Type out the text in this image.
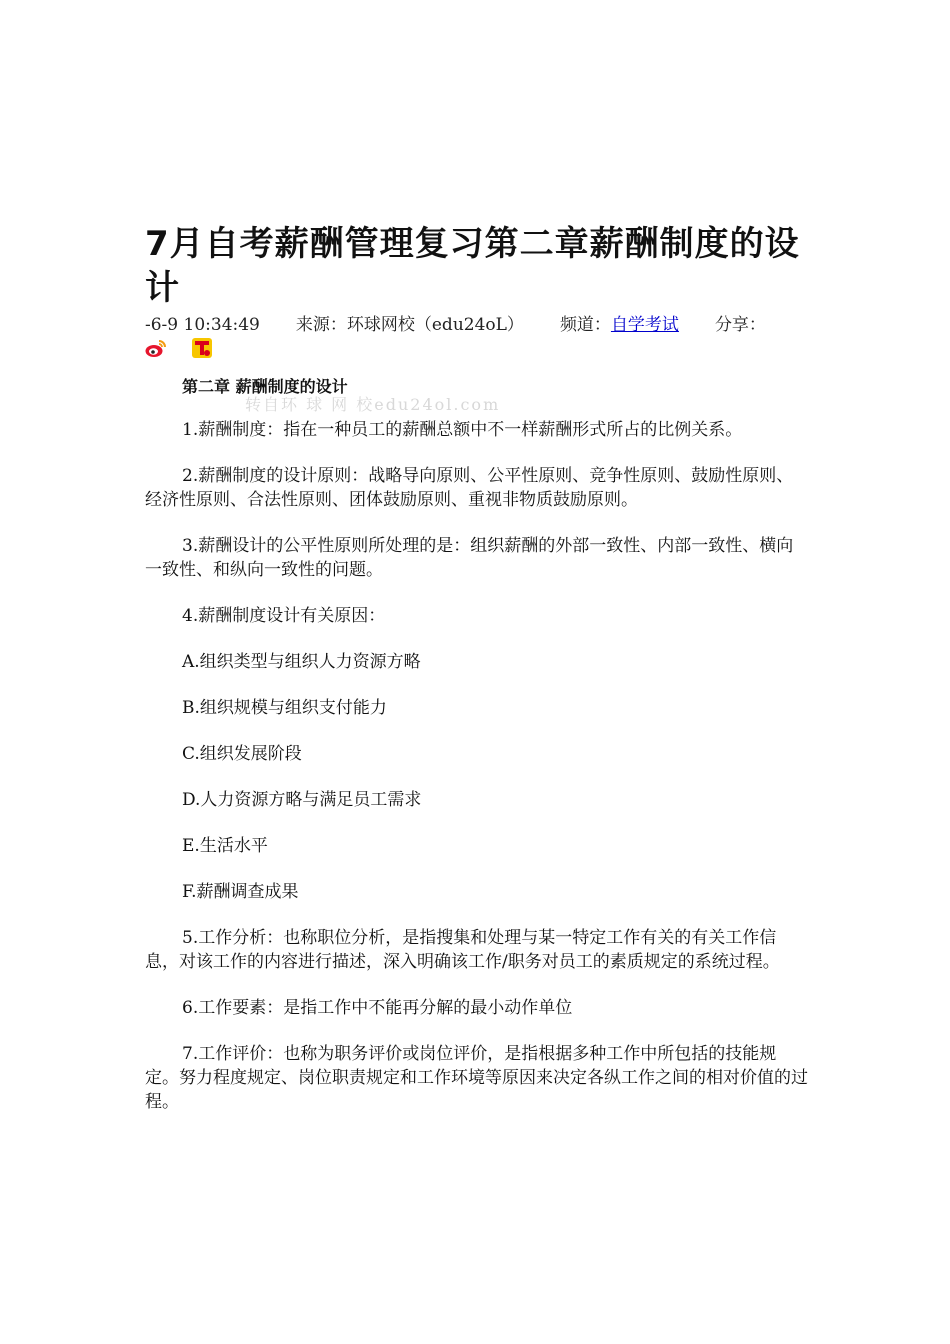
转自环 球 网 校edu24ol.com
7月自考薪酬管理复习第二章薪酬制度的设计
-6-9 10:34:49 来源：环球网校（edu24oL） 频道：自学考试 分享：
第二章 薪酬制度的设计

1.薪酬制度：指在一种员工的薪酬总额中不一样薪酬形式所占的比例关系。

2.薪酬制度的设计原则：战略导向原则、公平性原则、竞争性原则、鼓励性原则、经济性原则、合法性原则、团体鼓励原则、重视非物质鼓励原则。

3.薪酬设计的公平性原则所处理的是：组织薪酬的外部一致性、内部一致性、横向一致性、和纵向一致性的问题。

4.薪酬制度设计有关原因：

A.组织类型与组织人力资源方略

B.组织规模与组织支付能力

C.组织发展阶段

D.人力资源方略与满足员工需求

E.生活水平

F.薪酬调查成果

5.工作分析：也称职位分析，是指搜集和处理与某一特定工作有关的有关工作信息，对该工作的内容进行描述，深入明确该工作/职务对员工的素质规定的系统过程。

6.工作要素：是指工作中不能再分解的最小动作单位

7.工作评价：也称为职务评价或岗位评价，是指根据多种工作中所包括的技能规定。努力程度规定、岗位职责规定和工作环境等原因来决定各纵工作之间的相对价值的过程。
